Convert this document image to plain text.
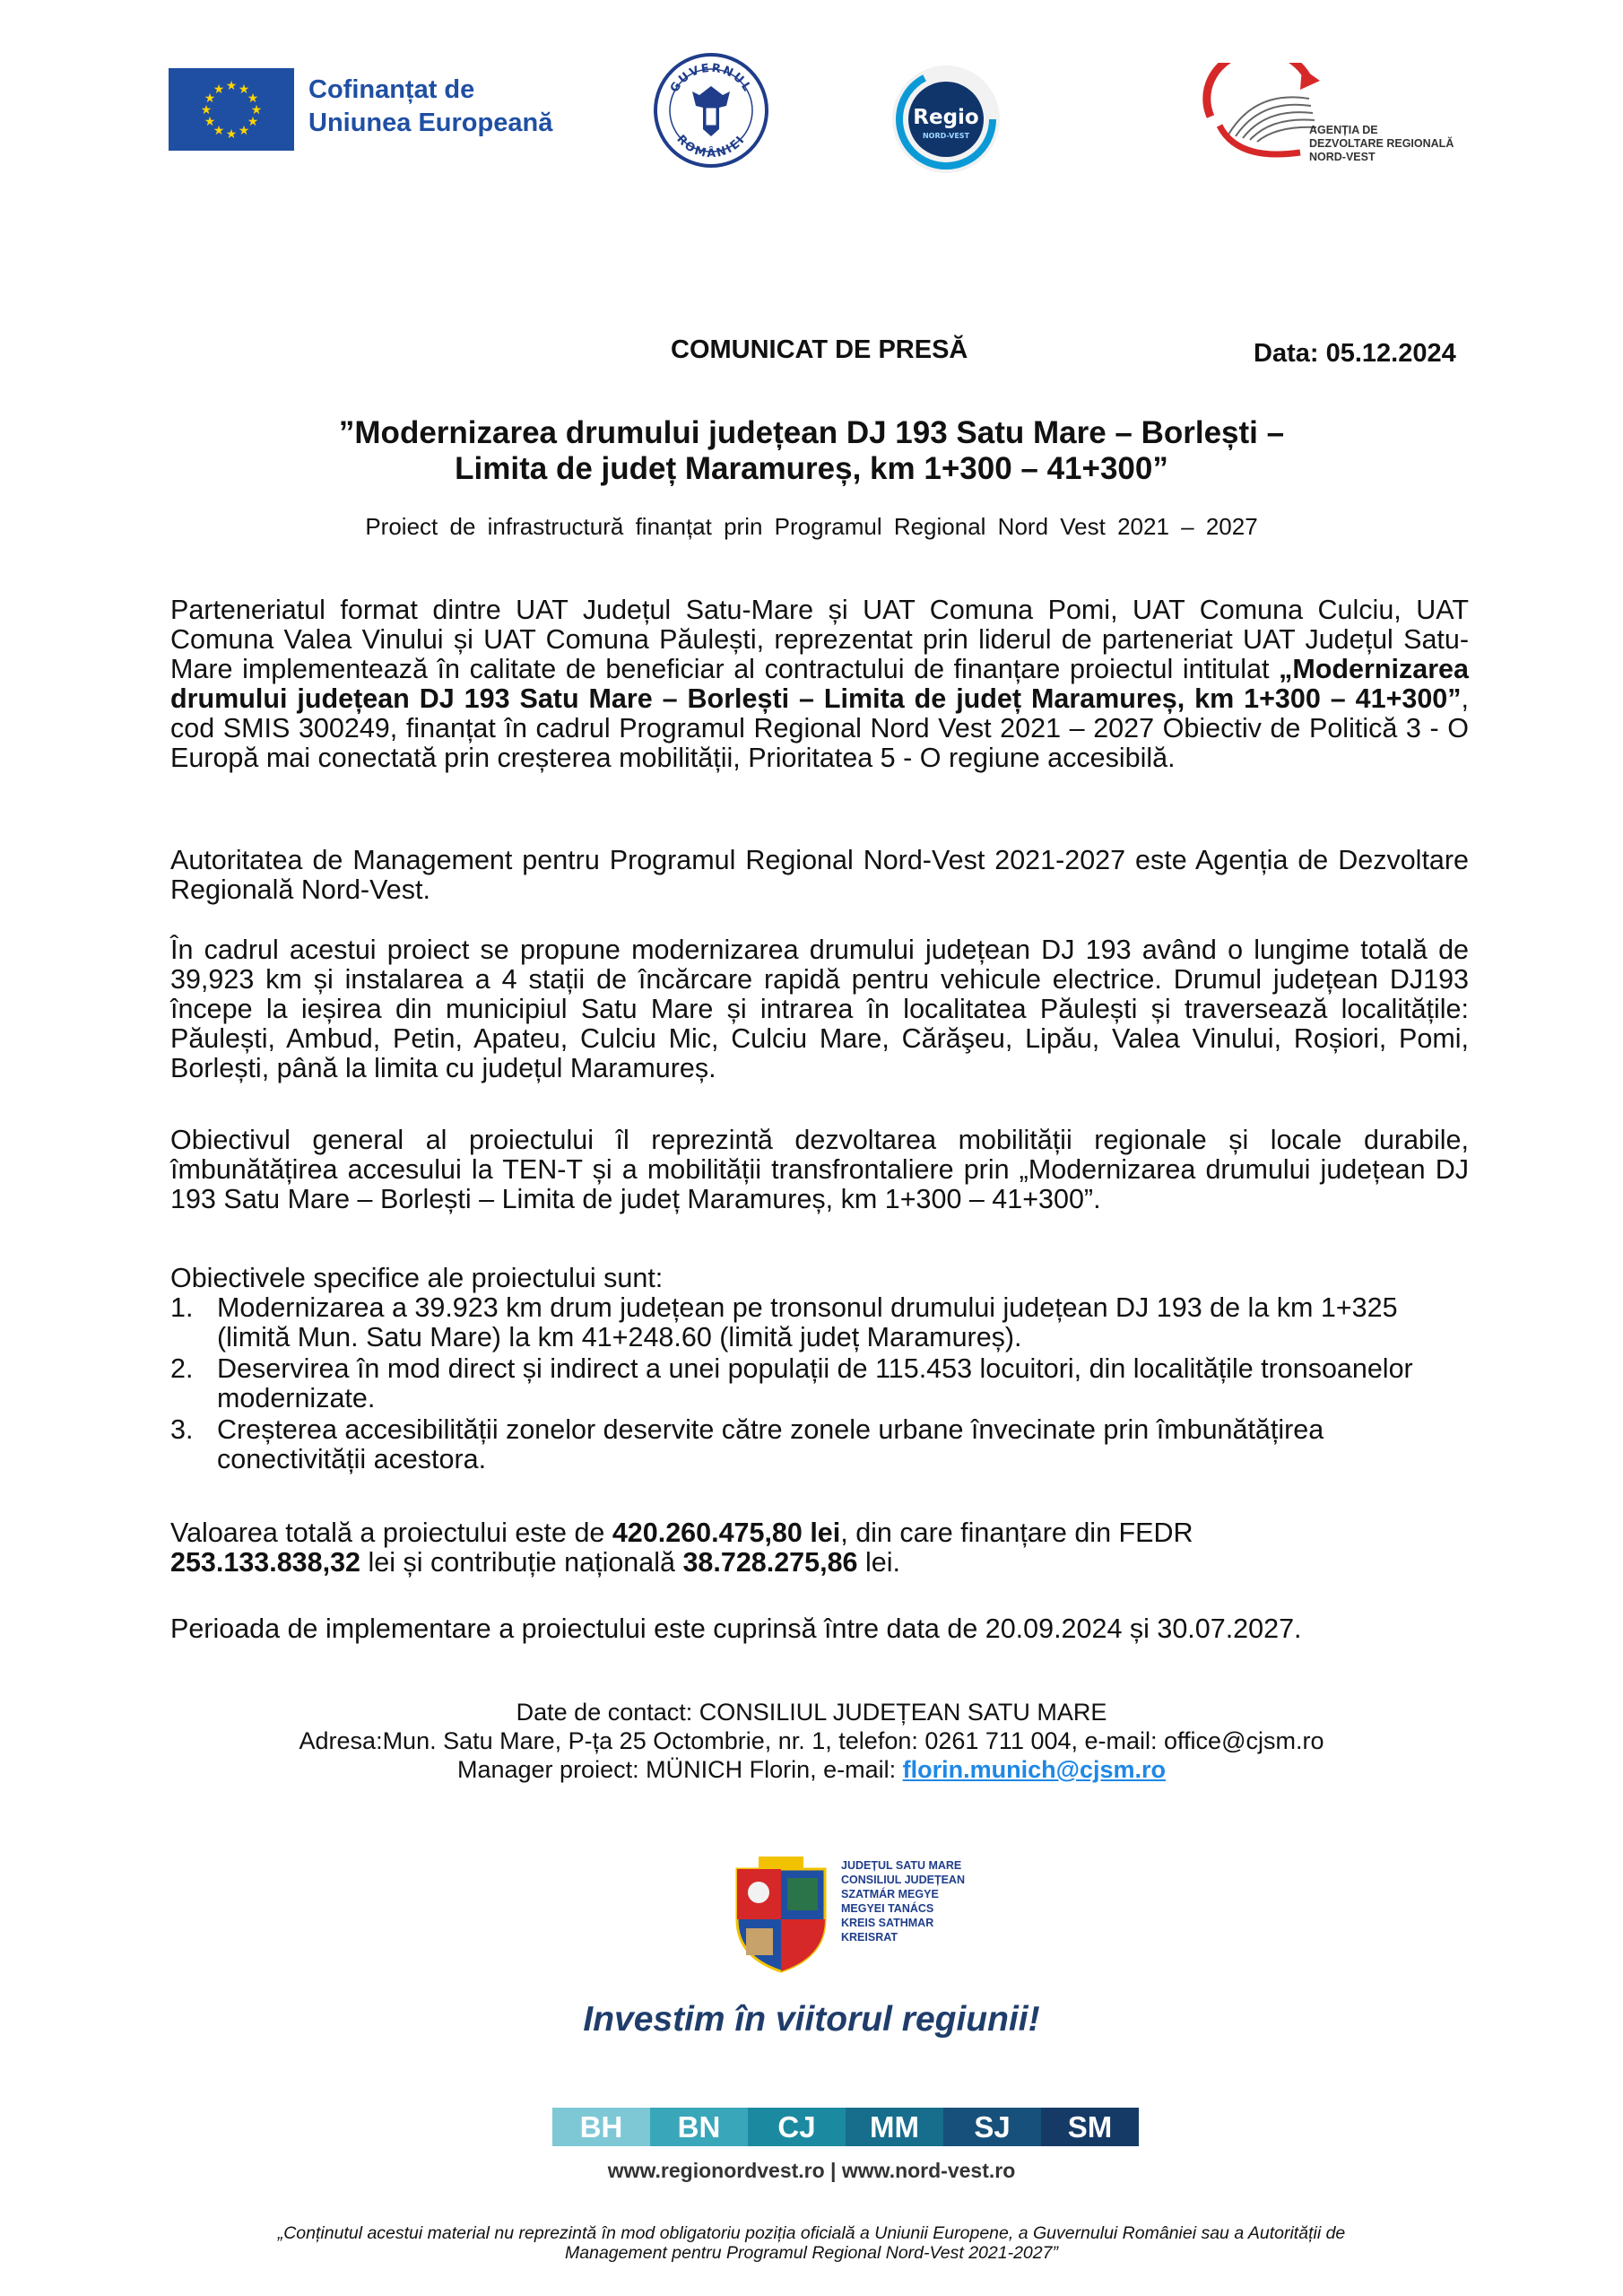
★ ★
★
★
★
★
★
★
★
★
★
★	Cofinanțat de
Uniunea Europeană
GUVERNUL
ROMÂNIEI
Regio
NORD-VEST	AGENȚIA DE
DEZVOLTARE REGIONALĂ
NORD-VEST
COMUNICAT DE PRESĂ	Data: 05.12.2024
”Modernizarea drumului județean DJ 193 Satu Mare – Borlești –
Limita de județ Maramureș, km 1+300 – 41+300”
Proiect de infrastructură finanțat prin Programul Regional Nord Vest 2021 – 2027
Parteneriatul format dintre UAT Județul Satu-Mare și UAT Comuna Pomi, UAT Comuna Culciu, UAT Comuna Valea Vinului și UAT Comuna Păulești, reprezentat prin liderul de parteneriat UAT Județul Satu-Mare implementează în calitate de beneficiar al contractului de finanțare proiectul intitulat „Modernizarea drumului județean DJ 193 Satu Mare – Borlești – Limita de județ Maramureș, km 1+300 – 41+300”, cod SMIS 300249, finanțat în cadrul Programul Regional Nord Vest 2021 – 2027 Obiectiv de Politică 3 - O Europă mai conectată prin creșterea mobilității, Prioritatea 5 - O regiune accesibilă.
Autoritatea de Management pentru Programul Regional Nord-Vest 2021-2027 este Agenția de Dezvoltare Regională Nord-Vest.
În cadrul acestui proiect se propune modernizarea drumului județean DJ 193 având o lungime totală de 39,923 km și instalarea a 4 stații de încărcare rapidă pentru vehicule electrice. Drumul județean DJ193 începe la ieșirea din municipiul Satu Mare și intrarea în localitatea Păulești și traversează localitățile: Păulești, Ambud, Petin, Apateu, Culciu Mic, Culciu Mare, Cărăşeu, Lipău, Valea Vinului, Roșiori, Pomi, Borlești, până la limita cu județul Maramureș.
Obiectivul general al proiectului îl reprezintă dezvoltarea mobilității regionale și locale durabile, îmbunătățirea accesului la TEN-T și a mobilității transfrontaliere prin „Modernizarea drumului județean DJ 193 Satu Mare – Borlești – Limita de județ Maramureș, km 1+300 – 41+300”.
Obiectivele specifice ale proiectului sunt:
1. Modernizarea a 39.923 km drum județean pe tronsonul drumului județean DJ 193 de la km 1+325 (limită Mun. Satu Mare) la km 41+248.60 (limită județ Maramureș).
2. Deservirea în mod direct și indirect a unei populații de 115.453 locuitori, din localitățile tronsoanelor modernizate.
3. Creșterea accesibilității zonelor deservite către zonele urbane învecinate prin îmbunătățirea conectivității acestora.
Valoarea totală a proiectului este de 420.260.475,80 lei, din care finanțare din FEDR
253.133.838,32 lei și contribuție națională 38.728.275,86 lei.
Perioada de implementare a proiectului este cuprinsă între data de 20.09.2024 și 30.07.2027.
Date de contact: CONSILIUL JUDEȚEAN SATU MARE
Adresa:Mun. Satu Mare, P-ța 25 Octombrie, nr. 1, telefon: 0261 711 004, e-mail: office@cjsm.ro
Manager proiect: MÜNICH Florin, e-mail: florin.munich@cjsm.ro
JUDEȚUL SATU MARE
CONSILIUL JUDEȚEAN
SZATMÁR MEGYE
MEGYEI TANÁCS
KREIS SATHMAR
KREISRAT
Investim în viitorul regiunii!
BH	BN	CJ	MM	SJ	SM
www.regionordvest.ro | www.nord-vest.ro
„Conținutul acestui material nu reprezintă în mod obligatoriu poziția oficială a Uniunii Europene, a Guvernului României sau a Autorității de
Management pentru Programul Regional Nord-Vest 2021-2027”
